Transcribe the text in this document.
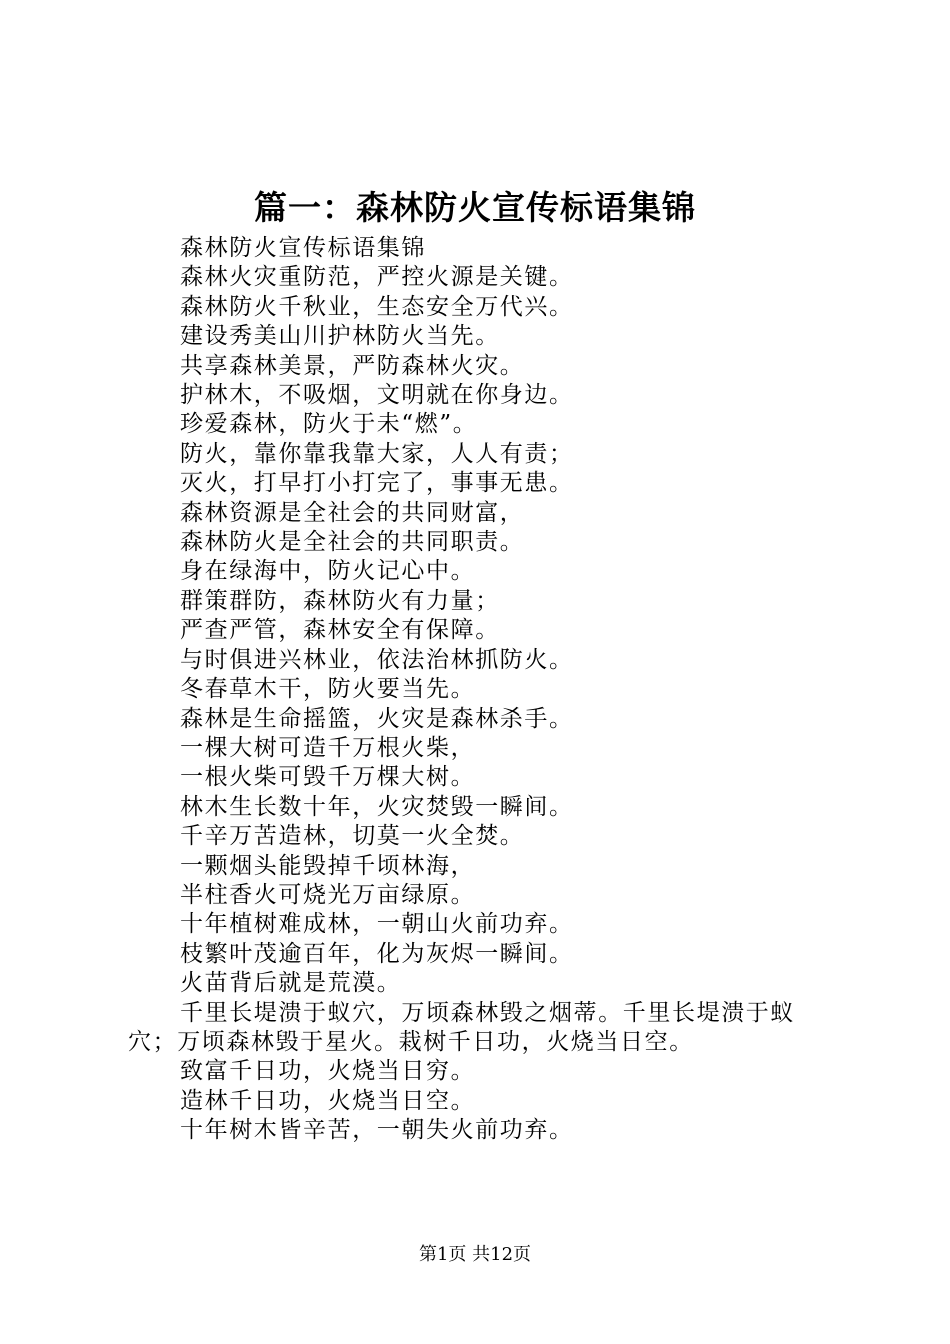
篇一：森林防火宣传标语集锦

森林防火宣传标语集锦

森林火灾重防范，严控火源是关键。

森林防火千秋业，生态安全万代兴。

建设秀美山川护林防火当先。

共享森林美景，严防森林火灾。

护林木，不吸烟，文明就在你身边。

珍爱森林，防火于未“燃”。

防火，靠你靠我靠大家，人人有责；

灭火，打早打小打完了，事事无患。

森林资源是全社会的共同财富，

森林防火是全社会的共同职责。

身在绿海中，防火记心中。

群策群防，森林防火有力量；

严查严管，森林安全有保障。

与时俱进兴林业，依法治林抓防火。

冬春草木干，防火要当先。

森林是生命摇篮，火灾是森林杀手。

一棵大树可造千万根火柴，

一根火柴可毁千万棵大树。

林木生长数十年，火灾焚毁一瞬间。

千辛万苦造林，切莫一火全焚。

一颗烟头能毁掉千顷林海，

半柱香火可烧光万亩绿原。

十年植树难成林，一朝山火前功弃。

枝繁叶茂逾百年，化为灰烬一瞬间。

火苗背后就是荒漠。

千里长堤溃于蚁穴，万顷森林毁之烟蒂。千里长堤溃于蚁穴；万顷森林毁于星火。栽树千日功，火烧当日空。

致富千日功，火烧当日穷。

造林千日功，火烧当日空。

十年树木皆辛苦，一朝失火前功弃。

第1页 共12页
